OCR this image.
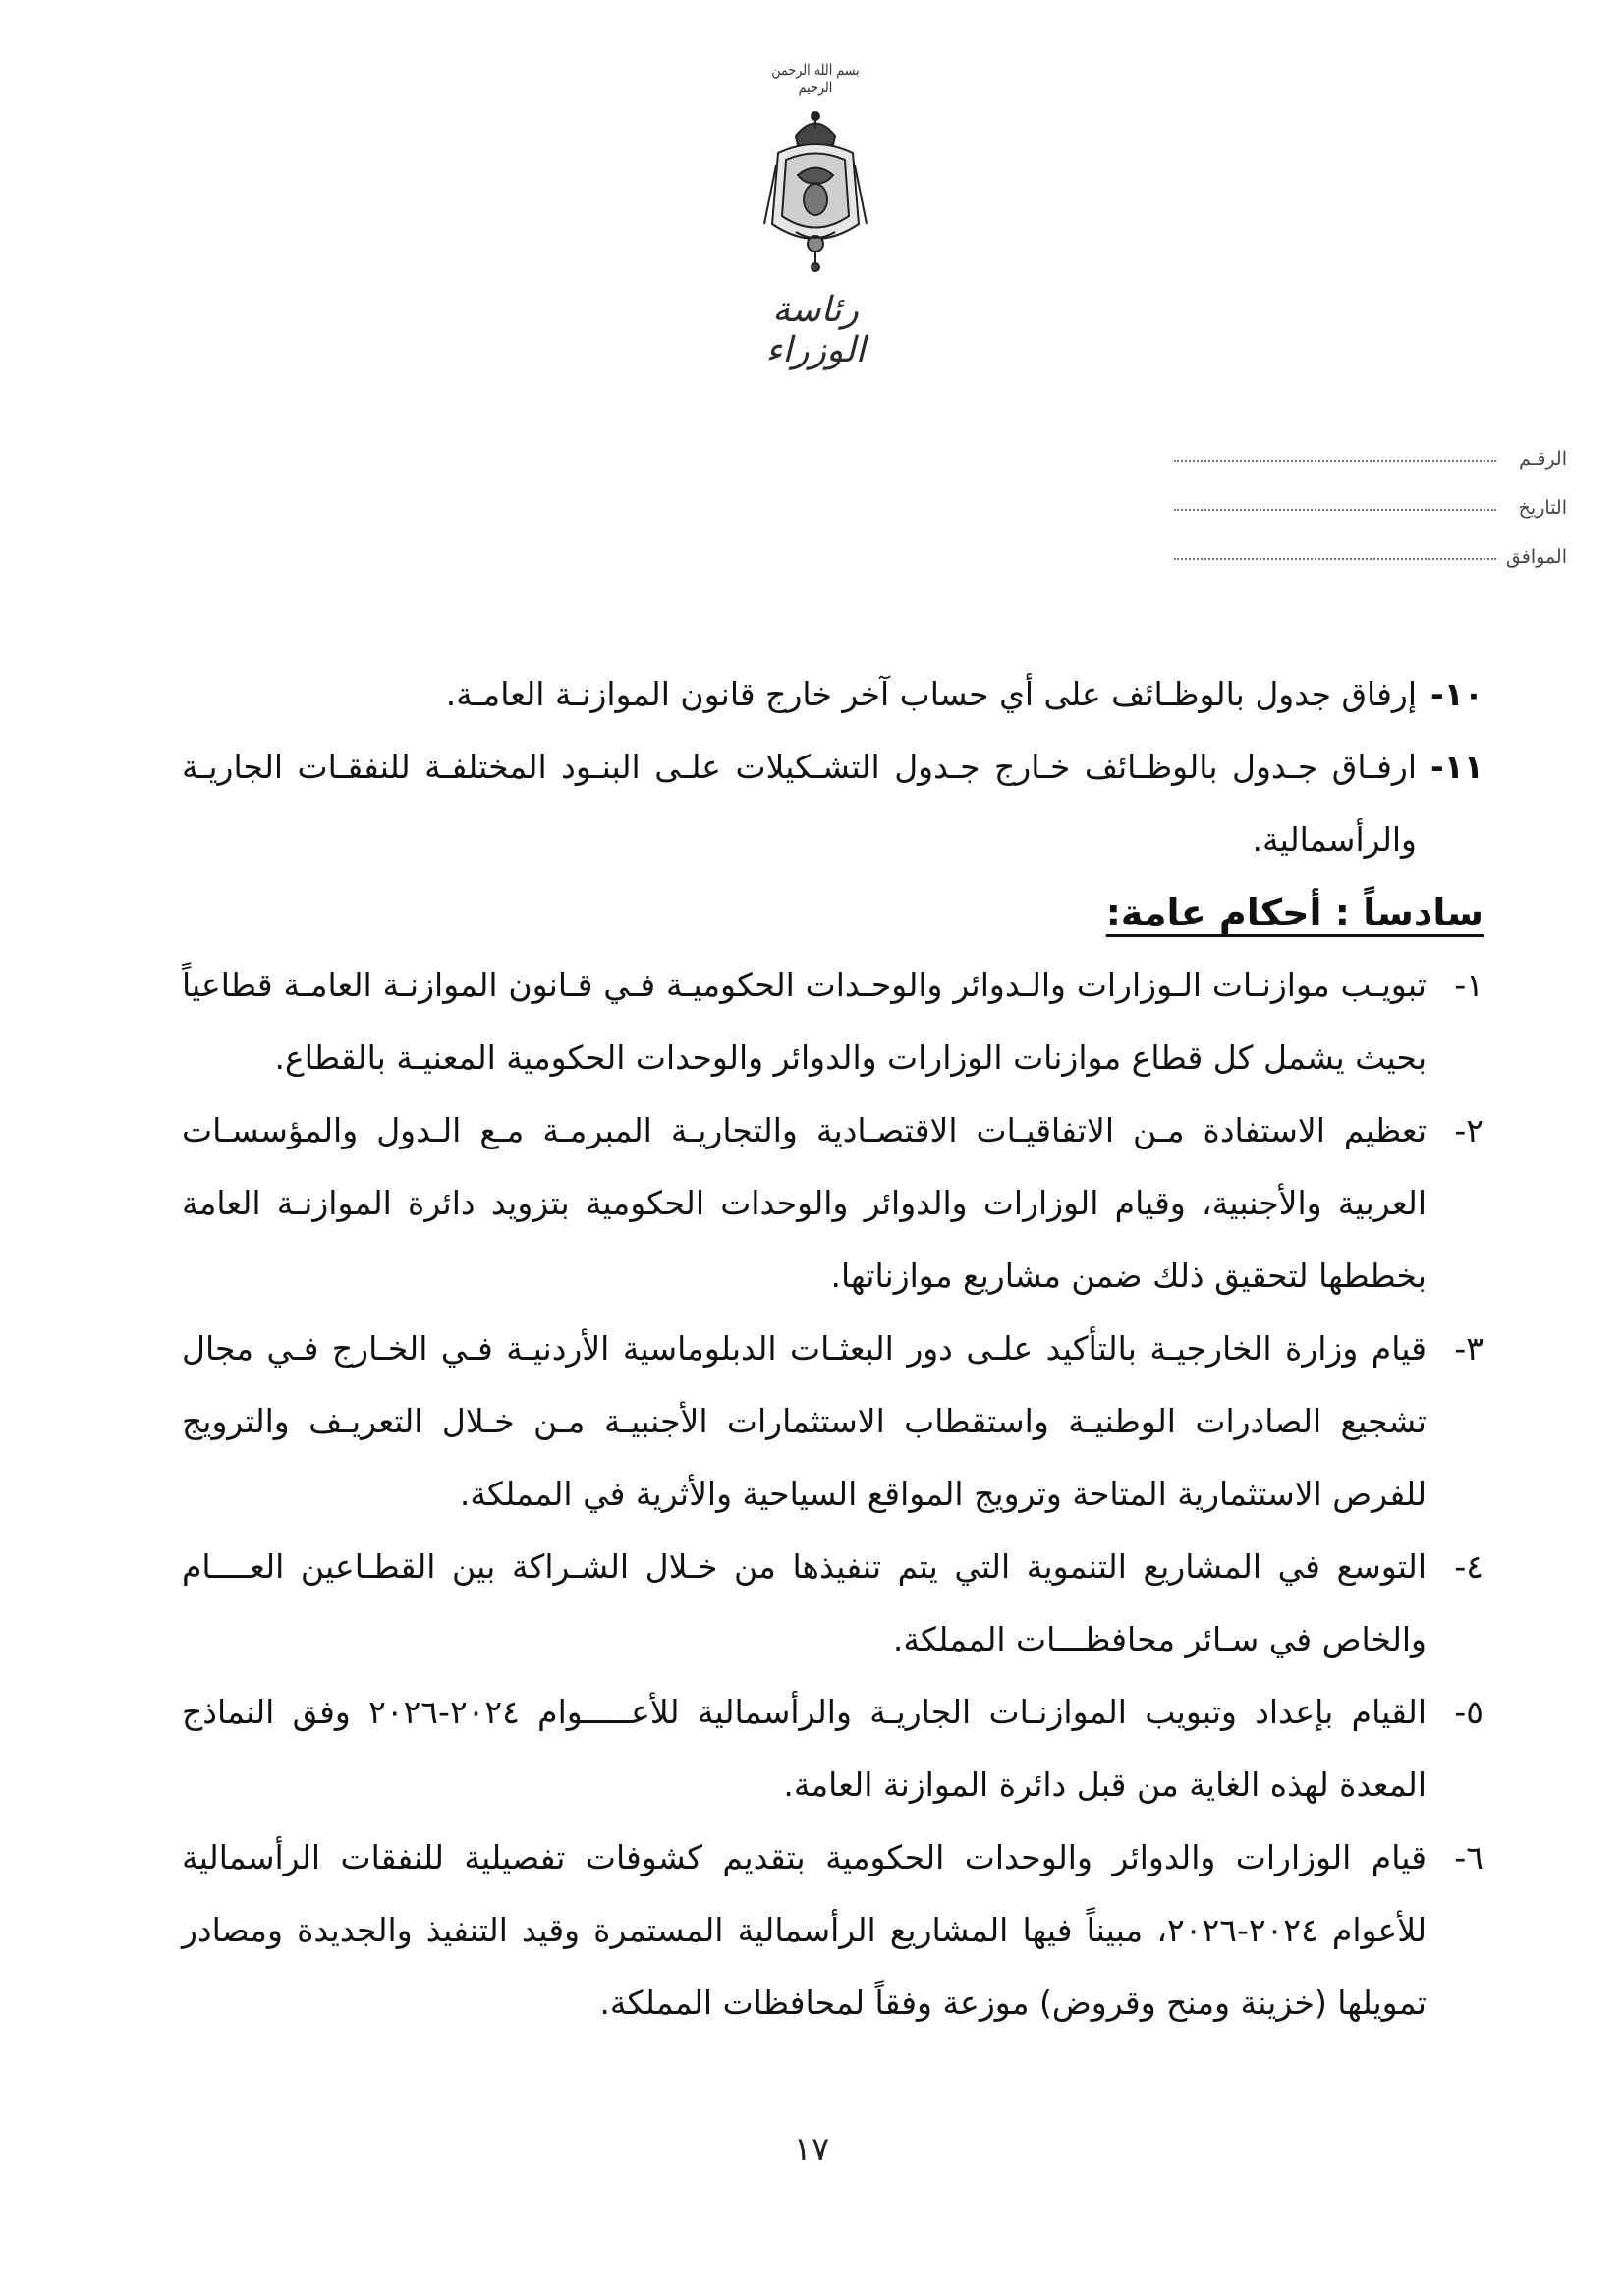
بسم الله الرحمن الرحيم
رئاسة الوزراء
الرقـم
التاريخ
الموافق
١٠-
إرفاق جدول بالوظـائف على أي حساب آخر خارج قانون الموازنـة العامـة.
١١-
ارفـاق جـدول بالوظـائف خـارج جـدول التشـكيلات علـى البنـود المختلفـة للنفقـات الجاريـة والرأسمالية.
سادساً : أحكام عامة:
١-
تبويـب موازنـات الـوزارات والـدوائر والوحـدات الحكوميـة فـي قـانون الموازنـة العامـة قطاعياً بحيث يشمل كل قطاع موازنات الوزارات والدوائر والوحدات الحكومية المعنيـة بالقطاع.
٢-
تعظيم الاستفادة مـن الاتفاقيـات الاقتصـادية والتجاريـة المبرمـة مـع الـدول والمؤسسـات العربية والأجنبية، وقيام الوزارات والدوائر والوحدات الحكومية بتزويد دائرة الموازنـة العامة بخططها لتحقيق ذلك ضمن مشاريع موازناتها.
٣-
قيام وزارة الخارجيـة بالتأكيد علـى دور البعثـات الدبلوماسية الأردنيـة فـي الخـارج فـي مجال تشجيع الصادرات الوطنيـة واستقطاب الاستثمارات الأجنبيـة مـن خـلال التعريـف والترويج للفرص الاستثمارية المتاحة وترويج المواقع السياحية والأثرية في المملكة.
٤-
التوسع في المشاريع التنموية التي يتم تنفيذها من خـلال الشـراكة بين القطـاعين العــــام والخاص في سـائر محافظـــات المملكة.
٥-
القيام بإعداد وتبويب الموازنـات الجاريـة والرأسمالية للأعـــــوام ٢٠٢٤-٢٠٢٦ وفق النماذج المعدة لهذه الغاية من قبل دائرة الموازنة العامة.
٦-
قيام الوزارات والدوائر والوحدات الحكومية بتقديم كشوفات تفصيلية للنفقات الرأسمالية للأعوام ٢٠٢٤-٢٠٢٦، مبيناً فيها المشاريع الرأسمالية المستمرة وقيد التنفيذ والجديدة ومصادر تمويلها (خزينة ومنح وقروض) موزعة وفقاً لمحافظات المملكة.
١٧
